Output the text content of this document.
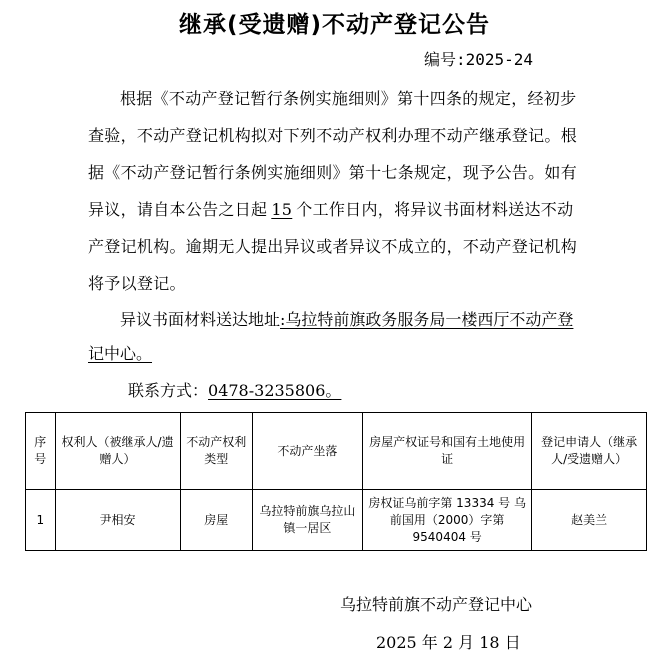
继承(受遗赠)不动产登记公告
编号:2025-24
根据《不动产登记暂行条例实施细则》第十四条的规定，经初步查验，不动产登记机构拟对下列不动产权利办理不动产继承登记。根据《不动产登记暂行条例实施细则》第十七条规定，现予公告。如有异议，请自本公告之日起 15 个工作日内，将异议书面材料送达不动产登记机构。逾期无人提出异议或者异议不成立的，不动产登记机构将予以登记。
异议书面材料送达地址:乌拉特前旗政务服务局一楼西厅不动产登记中心。
联系方式：0478-3235806。
序号	权利人（被继承人/遗赠人）	不动产权利类型	不动产坐落	房屋产权证号和国有土地使用证	登记申请人（继承人/受遗赠人）
1	尹相安	房屋	乌拉特前旗乌拉山镇一居区	房权证乌前字第 13334 号 乌前国用（2000）字第9540404 号	赵美兰
乌拉特前旗不动产登记中心
2025 年 2 月 18 日
